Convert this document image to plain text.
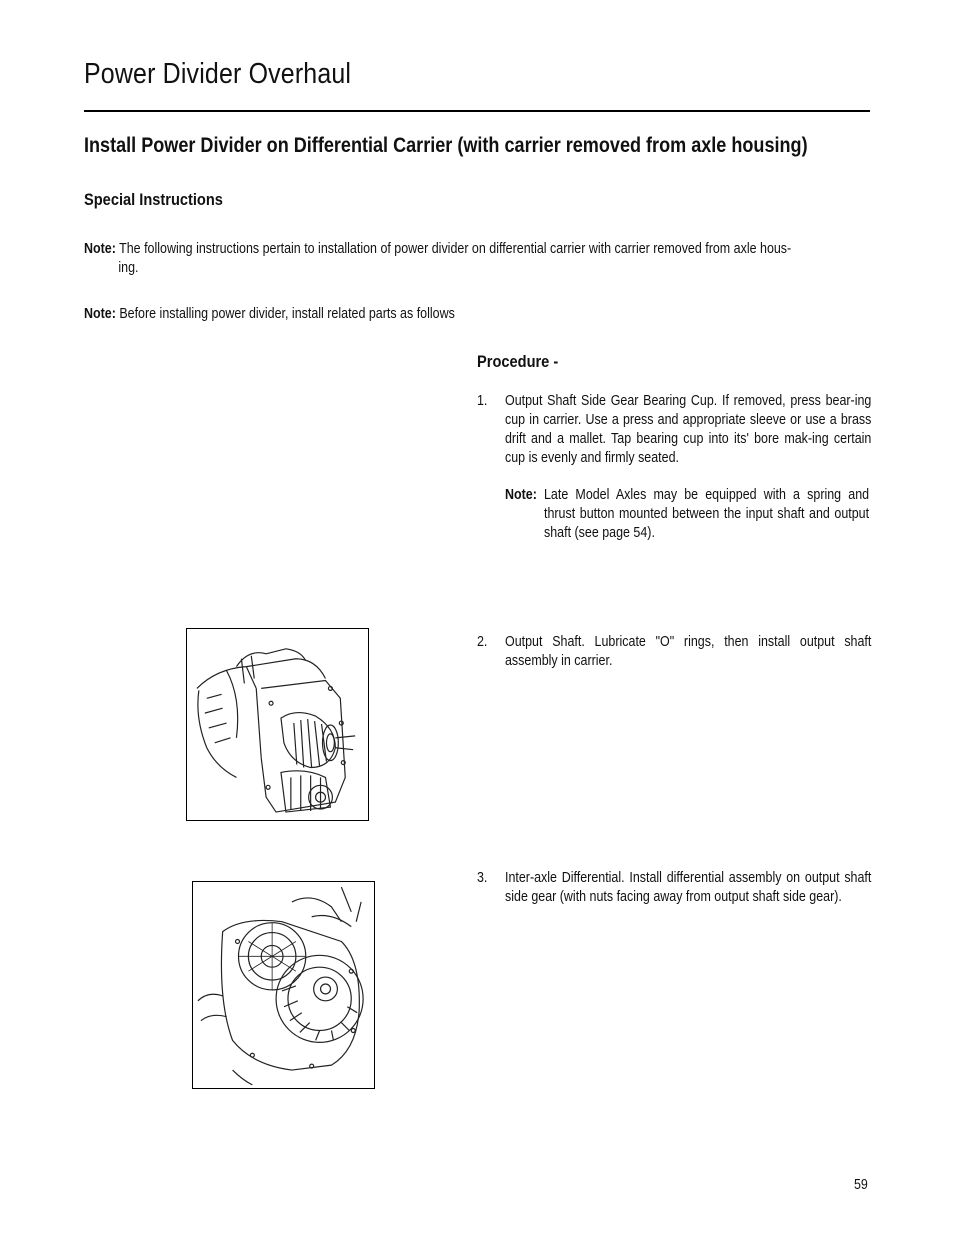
Power Divider Overhaul
Install Power Divider on Differential Carrier (with carrier removed from axle housing)
Special Instructions
Note: The following instructions pertain to installation of power divider on differential carrier with carrier removed from axle hous-
ing.
Note: Before installing power divider, install related parts as follows
Procedure -
1. Output Shaft Side Gear Bearing Cup. If removed, press bear-ing cup in carrier. Use a press and appropriate sleeve or use a brass drift and a mallet. Tap bearing cup into its' bore mak-ing certain cup is evenly and firmly seated.
Note: Late Model Axles may be equipped with a spring and thrust button mounted between the input shaft and output shaft (see page 54).
2. Output Shaft. Lubricate "O" rings, then install output shaft assembly in carrier.
3. Inter-axle Differential. Install differential assembly on output shaft side gear (with nuts facing away from output shaft side gear).
59
